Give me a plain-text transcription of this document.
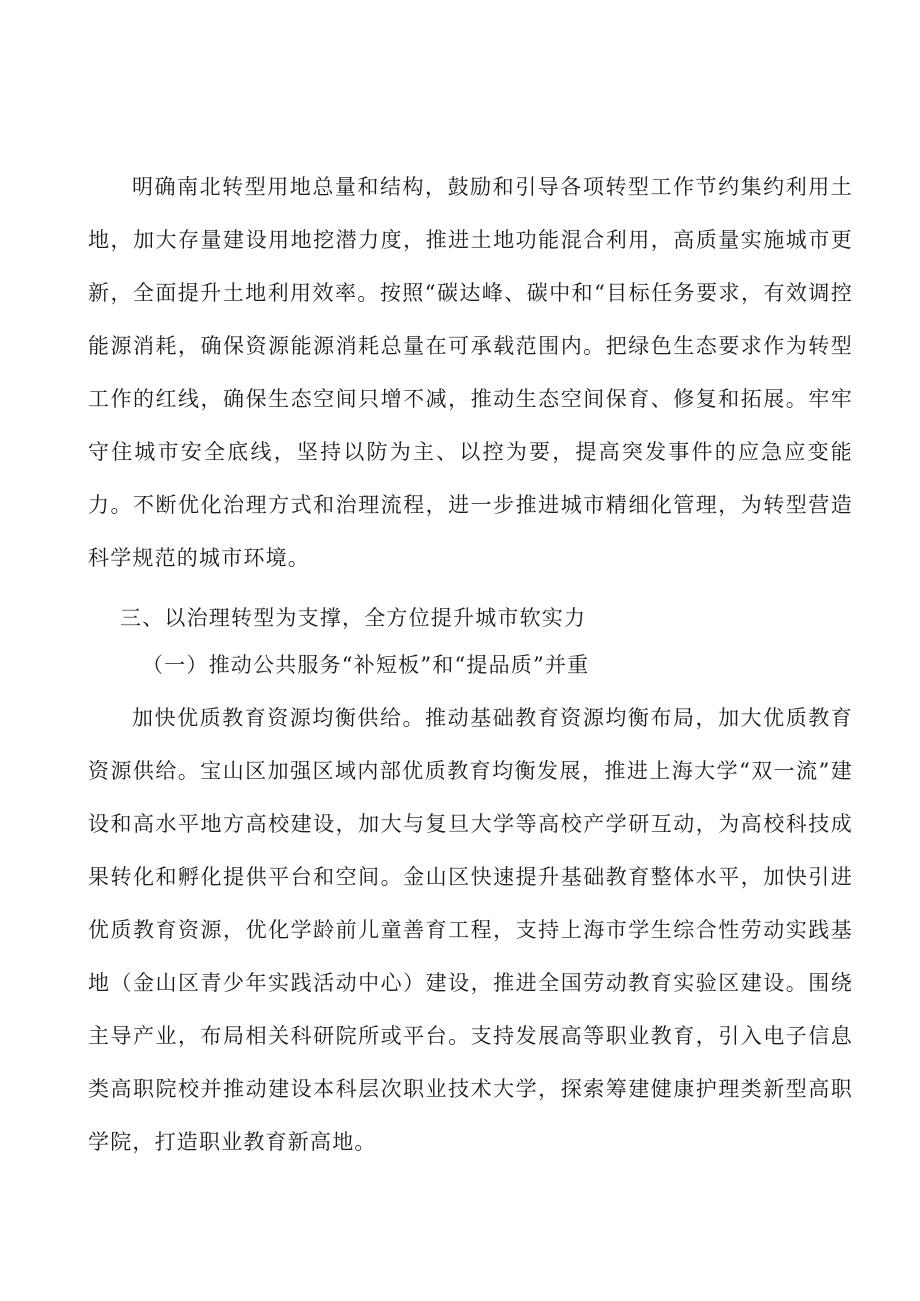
明确南北转型用地总量和结构，鼓励和引导各项转型工作节约集约利用土地，加大存量建设用地挖潜力度，推进土地功能混合利用，高质量实施城市更新，全面提升土地利用效率。按照“碳达峰、碳中和“目标任务要求，有效调控能源消耗，确保资源能源消耗总量在可承载范围内。把绿色生态要求作为转型工作的红线，确保生态空间只增不减，推动生态空间保育、修复和拓展。牢牢守住城市安全底线，坚持以防为主、以控为要，提高突发事件的应急应变能力。不断优化治理方式和治理流程，进一步推进城市精细化管理，为转型营造科学规范的城市环境。

三、以治理转型为支撑，全方位提升城市软实力

（一）推动公共服务“补短板”和“提品质”并重

加快优质教育资源均衡供给。推动基础教育资源均衡布局，加大优质教育资源供给。宝山区加强区域内部优质教育均衡发展，推进上海大学“双一流”建设和高水平地方高校建设，加大与复旦大学等高校产学研互动，为高校科技成果转化和孵化提供平台和空间。金山区快速提升基础教育整体水平，加快引进优质教育资源，优化学龄前儿童善育工程，支持上海市学生综合性劳动实践基地（金山区青少年实践活动中心）建设，推进全国劳动教育实验区建设。围绕主导产业，布局相关科研院所或平台。支持发展高等职业教育，引入电子信息类高职院校并推动建设本科层次职业技术大学，探索筹建健康护理类新型高职学院，打造职业教育新高地。
